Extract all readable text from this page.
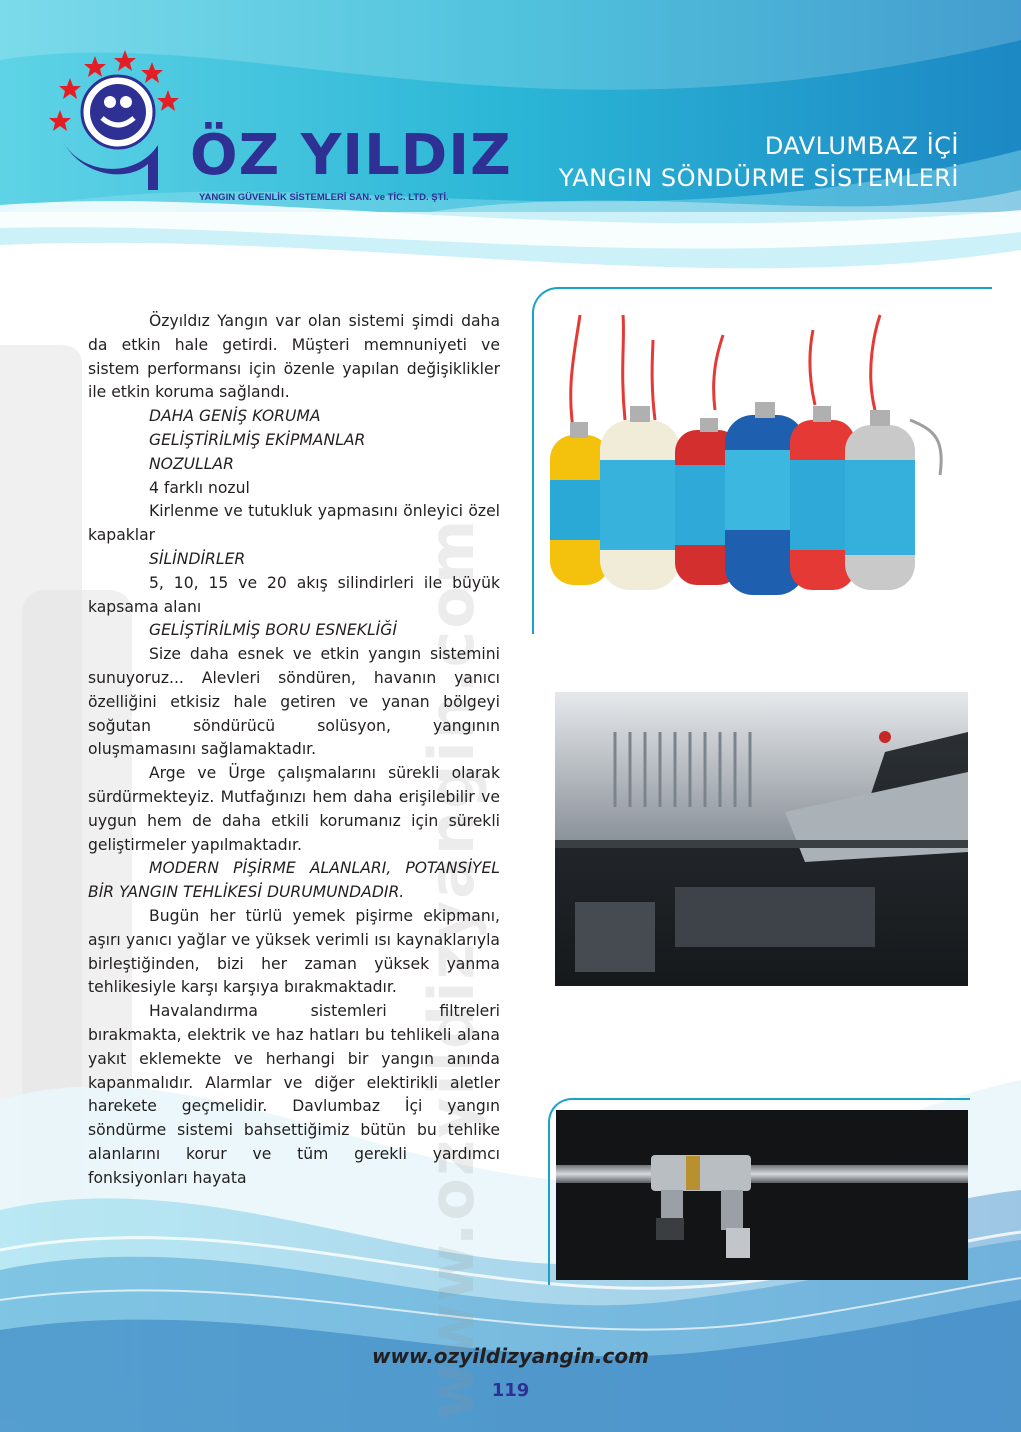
ÖZ YILDIZ
YANGIN GÜVENLİK SİSTEMLERİ SAN. ve TİC. LTD. ŞTİ.
DAVLUMBAZ İÇİ
YANGIN SÖNDÜRME SİSTEMLERİ
www.ozyildizyangin.com

Özyıldız Yangın var olan sistemi şimdi daha da etkin hale getirdi. Müşteri memnuniyeti ve sistem performansı için özenle yapılan değişiklikler ile etkin koruma sağlandı.

DAHA GENİŞ KORUMA

GELİŞTİRİLMİŞ EKİPMANLAR

NOZULLAR

4 farklı nozul

Kirlenme ve tutukluk yapmasını önleyici özel kapaklar

SİLİNDİRLER

5, 10, 15 ve 20 akış silindirleri ile büyük kapsama alanı

GELİŞTİRİLMİŞ BORU ESNEKLİĞİ

Size daha esnek ve etkin yangın sistemini sunuyoruz... Alevleri söndüren, havanın yanıcı özelliğini etkisiz hale getiren ve yanan bölgeyi soğutan söndürücü solüsyon, yangının oluşmamasını sağlamaktadır.

Arge ve Ürge çalışmalarını sürekli olarak sürdürmekteyiz. Mutfağınızı hem daha erişilebilir ve uygun hem de daha etkili korumanız için sürekli geliştirmeler yapılmaktadır.

MODERN PİŞİRME ALANLARI, POTANSİYEL BİR YANGIN TEHLİKESİ DURUMUNDADIR.

Bugün her türlü yemek pişirme ekipmanı, aşırı yanıcı yağlar ve yüksek verimli ısı kaynaklarıyla birleştiğinden, bizi her zaman yüksek yanma tehlikesiyle karşı karşıya bırakmaktadır.

Havalandırma sistemleri filtreleri bırakmakta, elektrik ve haz hatları bu tehlikeli alana yakıt eklemekte ve herhangi bir yangın anında kapanmalıdır. Alarmlar ve diğer elektirikli aletler harekete geçmelidir. Davlumbaz İçi yangın söndürme sistemi bahsettiğimiz bütün bu tehlike alanlarını korur ve tüm gerekli yardımcı fonksiyonları hayata

www.ozyildizyangin.com
119
